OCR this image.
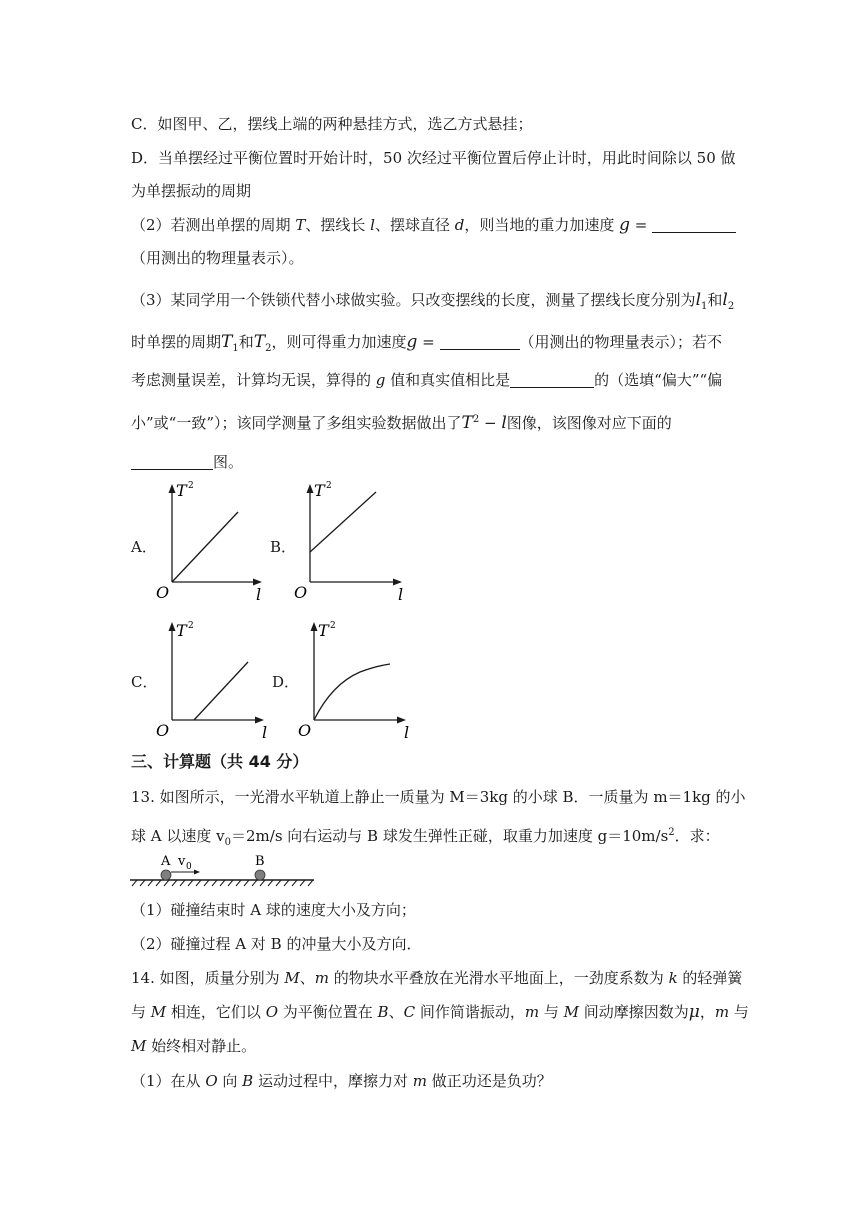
C．如图甲、乙，摆线上端的两种悬挂方式，选乙方式悬挂；
D．当单摆经过平衡位置时开始计时，50 次经过平衡位置后停止计时，用此时间除以 50 做
为单摆振动的周期
（2）若测出单摆的周期 T、摆线长 l、摆球直径 d，则当地的重力加速度 g =
（用测出的物理量表示）。
（3）某同学用一个铁锁代替小球做实验。只改变摆线的长度，测量了摆线长度分别为$l_1$和$l_2$
时单摆的周期$T_1$和$T_2$，则可得重力加速度g =	（用测出的物理量表示）；若不
考虑测量误差，计算均无误，算得的 g 值和真实值相比是	的（选填“偏大”“偏
小”或“一致”）；该同学测量了多组实验数据做出了$T^2 - l$图像，该图像对应下面的
图。
A．	B．
C．	D．
T 2
O	l
T 2
O	l
T 2
O	l
T 2
O	l
三、计算题（共 44 分）
13. 如图所示，一光滑水平轨道上静止一质量为 M＝3kg 的小球 B．一质量为 m＝1kg 的小
球 A 以速度 $v_0=2m/s$ 向右运动与 B 球发生弹性正碰，取重力加速度 $g=10m/s^2$．求：
A v 0	B
（1）碰撞结束时 A 球的速度大小及方向；
（2）碰撞过程 A 对 B 的冲量大小及方向．
14. 如图，质量分别为 M、m 的物块水平叠放在光滑水平地面上，一劲度系数为 k 的轻弹簧
与 M 相连，它们以 O 为平衡位置在 B、C 间作简谐振动，m 与 M 间动摩擦因数为μ，m 与
M 始终相对静止。
（1）在从 O 向 B 运动过程中，摩擦力对 m 做正功还是负功？
